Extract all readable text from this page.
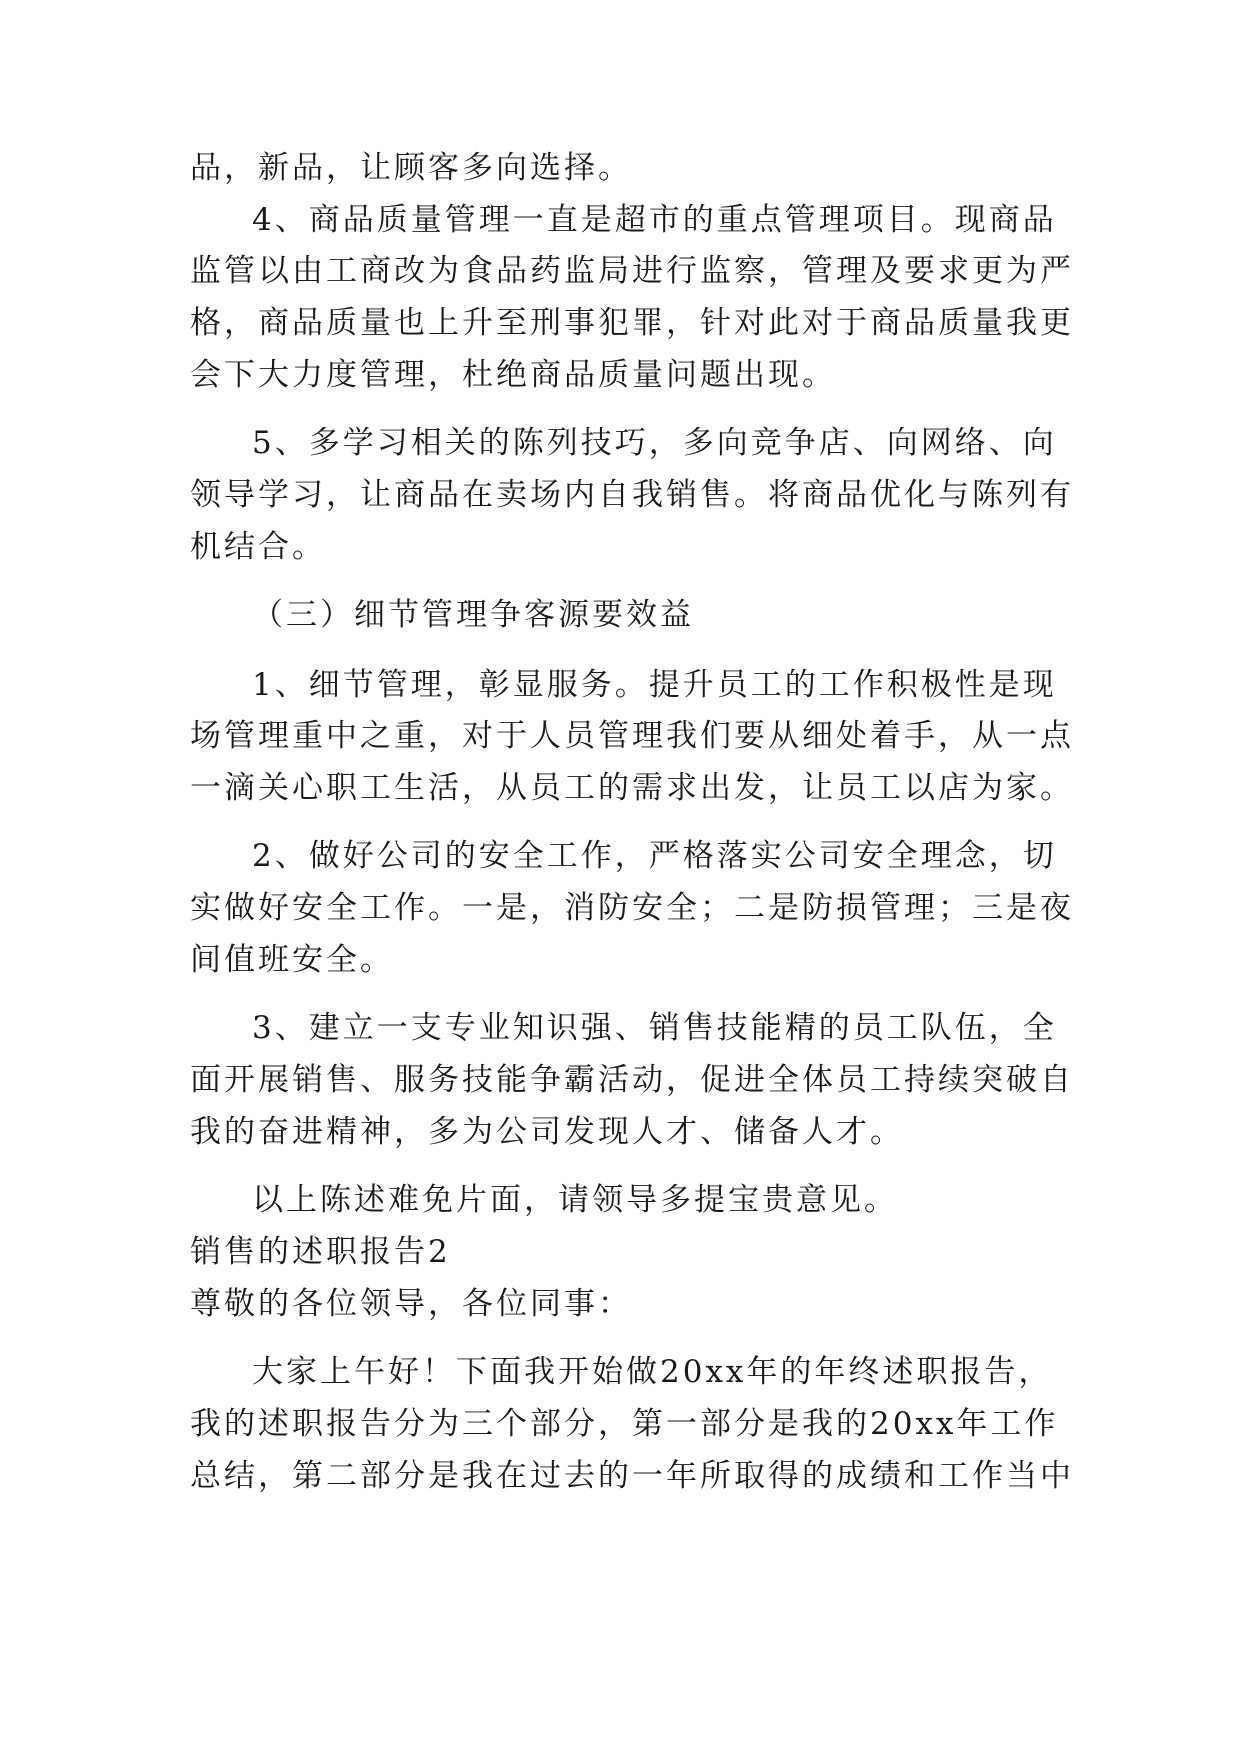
品，新品，让顾客多向选择。
4、商品质量管理一直是超市的重点管理项目。现商品
监管以由工商改为食品药监局进行监察，管理及要求更为严
格，商品质量也上升至刑事犯罪，针对此对于商品质量我更
会下大力度管理，杜绝商品质量问题出现。
5、多学习相关的陈列技巧，多向竞争店、向网络、向
领导学习，让商品在卖场内自我销售。将商品优化与陈列有
机结合。
（三）细节管理争客源要效益
1、细节管理，彰显服务。提升员工的工作积极性是现
场管理重中之重，对于人员管理我们要从细处着手，从一点
一滴关心职工生活，从员工的需求出发，让员工以店为家。
2、做好公司的安全工作，严格落实公司安全理念，切
实做好安全工作。一是，消防安全；二是防损管理；三是夜
间值班安全。
3、建立一支专业知识强、销售技能精的员工队伍，全
面开展销售、服务技能争霸活动，促进全体员工持续突破自
我的奋进精神，多为公司发现人才、储备人才。
以上陈述难免片面，请领导多提宝贵意见。
销售的述职报告2
尊敬的各位领导，各位同事：
大家上午好！下面我开始做20xx年的年终述职报告，
我的述职报告分为三个部分，第一部分是我的20xx年工作
总结，第二部分是我在过去的一年所取得的成绩和工作当中
